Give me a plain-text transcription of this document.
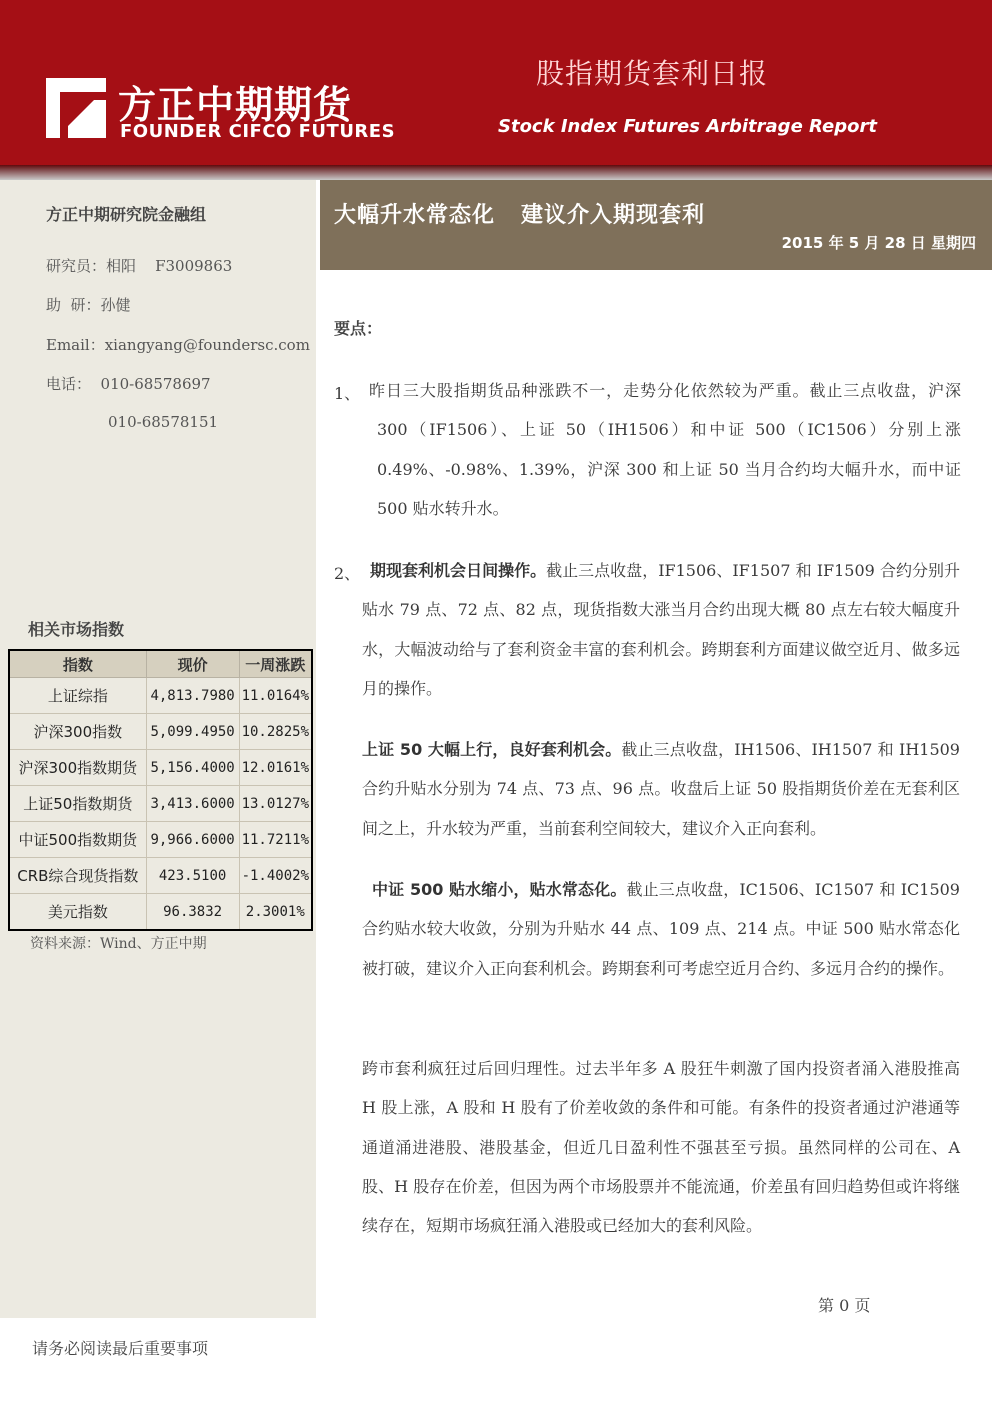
方正中期期货
FOUNDER CIFCO FUTURES
股指期货套利日报
Stock Index Futures Arbitrage Report
方正中期研究院金融组
研究员：相阳    F3009863
助  研：孙健
Email：xiangyang@foundersc.com
电话：  010-68578697
010-68578151
相关市场指数
指数	现价	一周涨跌
上证综指	4,813.7980	11.0164%
沪深300指数	5,099.4950	10.2825%
沪深300指数期货	5,156.4000	12.0161%
上证50指数期货	3,413.6000	13.0127%
中证500指数期货	9,966.6000	11.7211%
CRB综合现货指数	423.5100	-1.4002%
美元指数	96.3832	2.3001%
资料来源：Wind、方正中期
大幅升水常态化   建议介入期现套利
2015 年 5 月 28 日 星期四
要点：
1、 昨日三大股指期货品种涨跌不一，走势分化依然较为严重。截止三点收盘，沪深 300（IF1506）、上证 50（IH1506）和中证 500（IC1506）分别上涨 0.49%、-0.98%、1.39%，沪深 300 和上证 50 当月合约均大幅升水，而中证 500 贴水转升水。
2、 期现套利机会日间操作。截止三点收盘，IF1506、IF1507 和 IF1509 合约分别升贴水 79 点、72 点、82 点，现货指数大涨当月合约出现大概 80 点左右较大幅度升水，大幅波动给与了套利资金丰富的套利机会。跨期套利方面建议做空近月、做多远月的操作。
上证 50 大幅上行，良好套利机会。截止三点收盘，IH1506、IH1507 和 IH1509 合约升贴水分别为 74 点、73 点、96 点。收盘后上证 50 股指期货价差在无套利区间之上，升水较为严重，当前套利空间较大，建议介入正向套利。
中证 500 贴水缩小，贴水常态化。截止三点收盘，IC1506、IC1507 和 IC1509 合约贴水较大收敛，分别为升贴水 44 点、109 点、214 点。中证 500 贴水常态化被打破，建议介入正向套利机会。跨期套利可考虑空近月合约、多远月合约的操作。
跨市套利疯狂过后回归理性。过去半年多 A 股狂牛刺激了国内投资者涌入港股推高 H 股上涨，A 股和 H 股有了价差收敛的条件和可能。有条件的投资者通过沪港通等通道涌进港股、港股基金，但近几日盈利性不强甚至亏损。虽然同样的公司在、A 股、H 股存在价差，但因为两个市场股票并不能流通，价差虽有回归趋势但或许将继续存在，短期市场疯狂涌入港股或已经加大的套利风险。
第 0 页
请务必阅读最后重要事项
